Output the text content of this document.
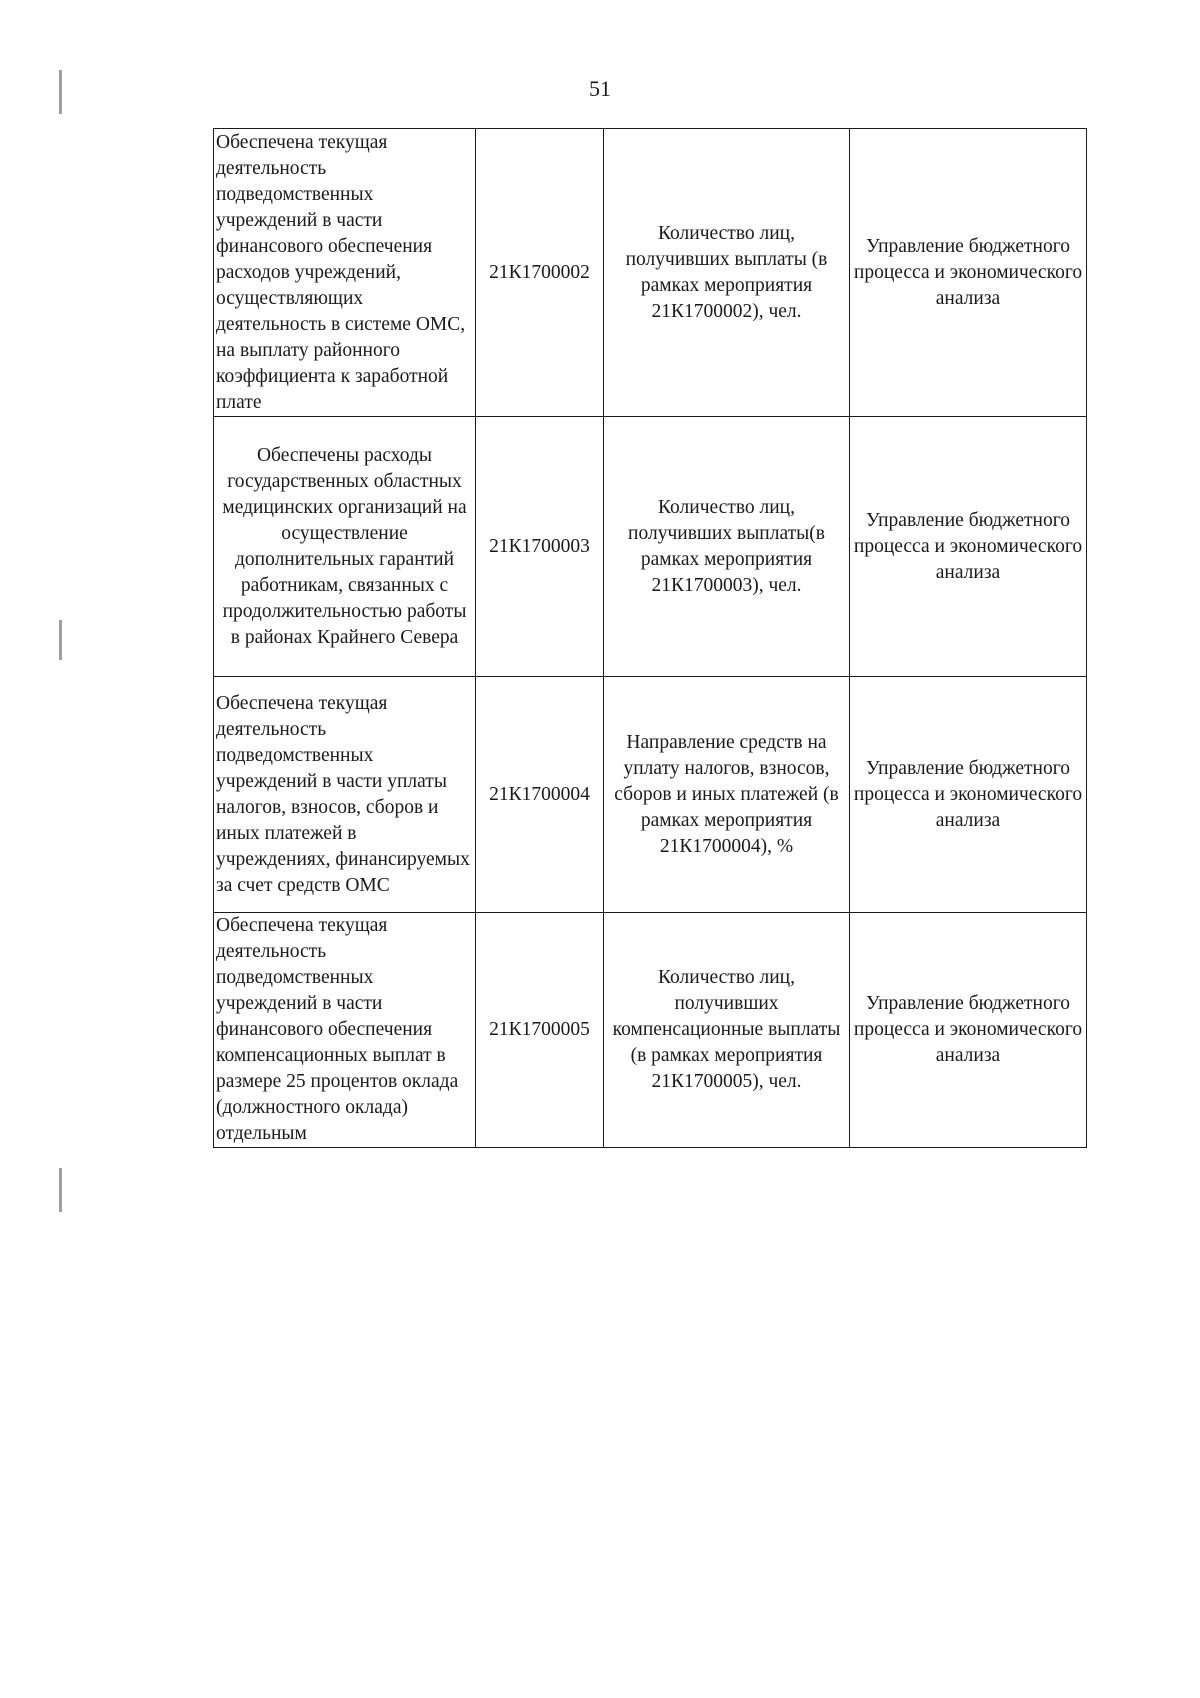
51
Обеспечена текущая деятельность подведомственных учреждений в части финансового обеспечения расходов учреждений, осуществляющих деятельность в системе ОМС, на выплату районного коэффициента к заработной плате	21К1700002	Количество лиц, получивших выплаты (в рамках мероприятия 21К1700002), чел.	Управление бюджетного процесса и экономического анализа
Обеспечены расходы государственных областных медицинских организаций на осуществление дополнительных гарантий работникам, связанных с продолжительностью работы в районах Крайнего Севера	21К1700003	Количество лиц, получивших выплаты(в рамках мероприятия 21К1700003), чел.	Управление бюджетного процесса и экономического анализа
Обеспечена текущая деятельность подведомственных учреждений в части уплаты налогов, взносов, сборов и иных платежей в учреждениях, финансируемых за счет средств ОМС	21К1700004	Направление средств на уплату налогов, взносов, сборов и иных платежей (в рамках мероприятия 21К1700004), %	Управление бюджетного процесса и экономического анализа
Обеспечена текущая деятельность подведомственных учреждений в части финансового обеспечения компенсационных выплат в размере 25 процентов оклада (должностного оклада) отдельным	21К1700005	Количество лиц, получивших компенсационные выплаты (в рамках мероприятия 21К1700005), чел.	Управление бюджетного процесса и экономического анализа
